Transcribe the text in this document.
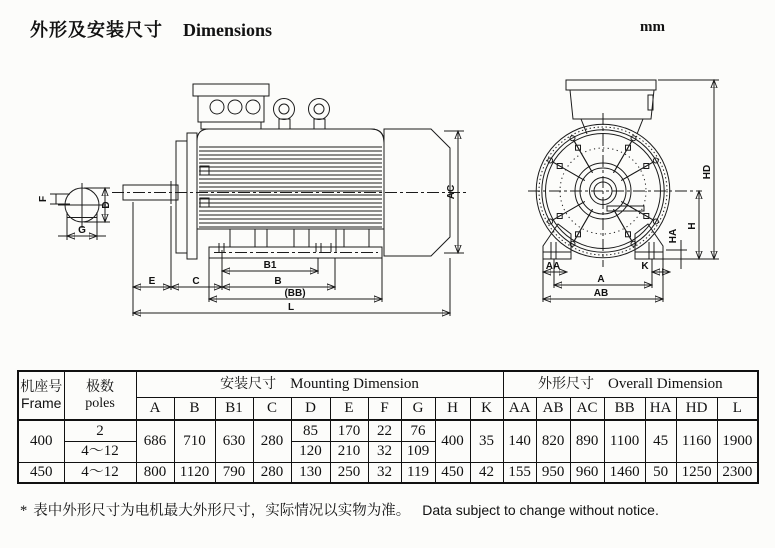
外形及安装尺寸 Dimensions	mm
D
F
G
E	C	B
B1
(BB)
L
AC
AA	K
A
AB
H
HD
HA
机座号
Frame

极数
poles
	安装尺寸 Mounting Dimension	外形尺寸 Overall Dimension
		A	B	B1	C	D	E	F	G	H	K	AA	AB	AC	BB	HA	HD	L
400	2	686	710	630	280	85	170	22	76	400	35	140	820	890	1100	45	1160	1900
	4～12					120	210	32	109									
450	4～12	800	1120	790	280	130	250	32	119	450	42	155	950	960	1460	50	1250	2300
* 表中外形尺寸为电机最大外形尺寸，实际情况以实物为准。 Data subject to change without notice.
